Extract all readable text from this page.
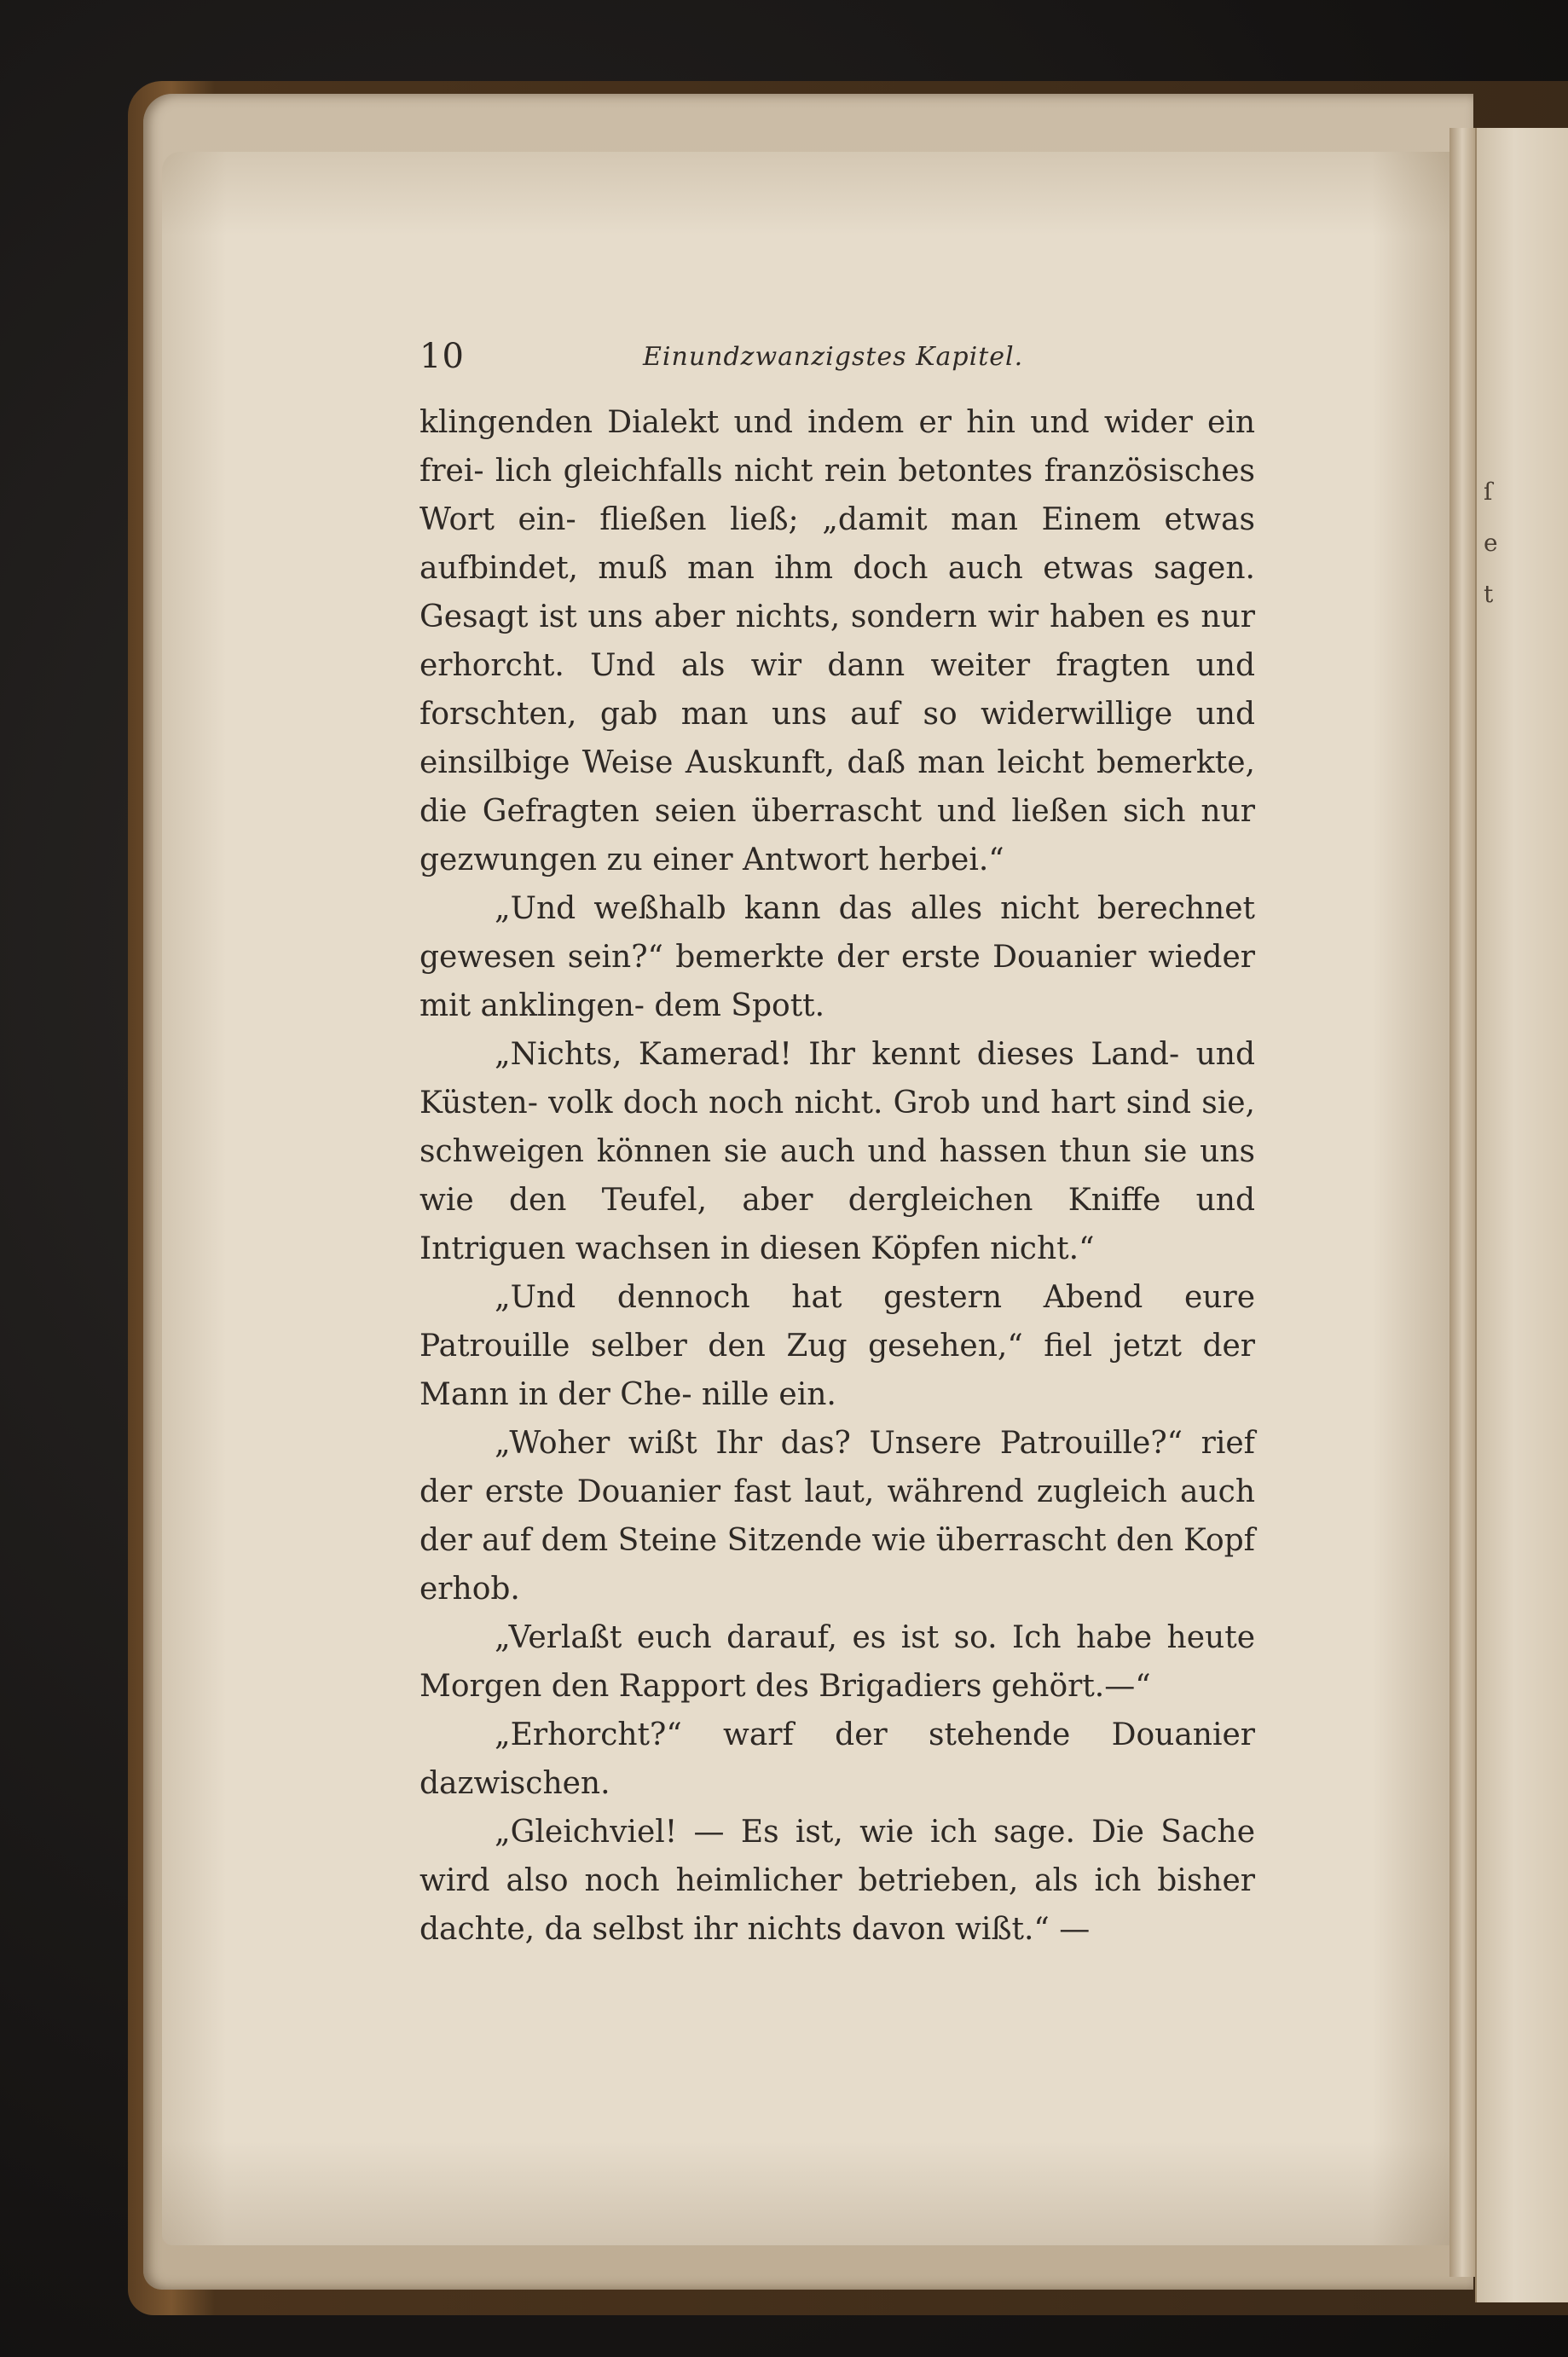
ſ
e
t
10	Einundzwanzigstes Kapitel.

klingenden Dialekt und indem er hin und wider ein frei- lich gleichfalls nicht rein betontes französisches Wort ein- fließen ließ; „damit man Einem etwas aufbindet, muß man ihm doch auch etwas sagen. Gesagt ist uns aber nichts, sondern wir haben es nur erhorcht. Und als wir dann weiter fragten und forschten, gab man uns auf so widerwillige und einsilbige Weise Auskunft, daß man leicht bemerkte, die Gefragten seien überrascht und ließen sich nur gezwungen zu einer Antwort herbei.“

„Und weßhalb kann das alles nicht berechnet gewesen sein?“ bemerkte der erste Douanier wieder mit anklingen- dem Spott.

„Nichts, Kamerad! Ihr kennt dieses Land- und Küsten- volk doch noch nicht. Grob und hart sind sie, schweigen können sie auch und hassen thun sie uns wie den Teufel, aber dergleichen Kniffe und Intriguen wachsen in diesen Köpfen nicht.“

„Und dennoch hat gestern Abend eure Patrouille selber den Zug gesehen,“ fiel jetzt der Mann in der Che- nille ein.

„Woher wißt Ihr das? Unsere Patrouille?“ rief der erste Douanier fast laut, während zugleich auch der auf dem Steine Sitzende wie überrascht den Kopf erhob.

„Verlaßt euch darauf, es ist so. Ich habe heute Morgen den Rapport des Brigadiers gehört.—“

„Erhorcht?“ warf der stehende Douanier dazwischen.

„Gleichviel! — Es ist, wie ich sage. Die Sache wird also noch heimlicher betrieben, als ich bisher dachte, da selbst ihr nichts davon wißt.“ —
